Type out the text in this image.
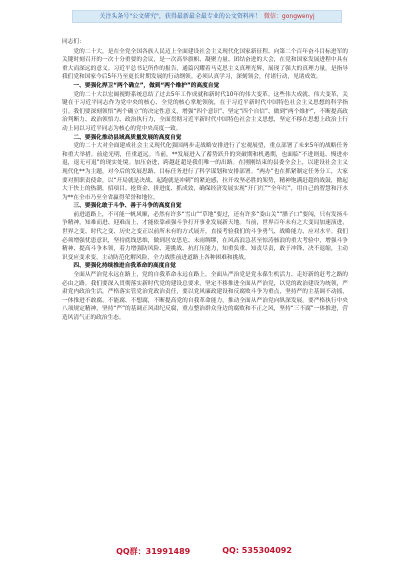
关注头条号"公文研究"，获得最新最全最专业的公文资料库！ 微信：gongwenyj

同志们：

党的二十大，是在全党全国各族人民迈上全面建设社会主义现代化国家新征程、向第二个百年奋斗目标进军的关键时刻召开的一次十分重要的会议，是一次高举旗帜、凝聚力量、团结奋进的大会，在党和国家发展进程中具有重大而深远的意义。习近平总书记所作的报告，通篇闪耀着马克思主义真理光辉，展现了强大的真理力量，是指导我们党和国家今后5年乃至更长时期发展的行动纲领。必须认真学习，深刻领会，付诸行动，见诸成效。

一、要强化捍卫“两个确立”，做到“两个维护”的高度自觉

党的二十大以宏阔视野系统总结了过去5年工作成就和新时代10年的伟大变革。这些伟大成就、伟大变革，关键在于习近平同志作为党中央的核心、全党的核心掌舵领航，在于习近平新时代中国特色社会主义思想的科学指引。我们要深刻领悟“两个确立”的决定性意义，增强“四个意识”、坚定“四个自信”、做到“两个维护”，不断提高政治判断力、政治领悟力、政治执行力，全面贯彻习近平新时代中国特色社会主义思想，坚定不移在思想上政治上行动上同以习近平同志为核心的党中央高度一致。

二、要强化推动县域高质量发展的高度自觉

党的二十大对全面建成社会主义现代化强国两步走战略安排进行了宏观展望，重点部署了未来5年的战略任务和重大举措。前途光明，任重道远。当前，**发展进入了蓄势跃升的突破期和机遇期，也面临“不进则退、慢进亦退，退无可退”的现实处境。加压奋进，跨越赶超是我们唯一的出路。在刚刚结束的县委全会上，以建设社会主义现代化**为主题，对今后的发展思路、目标任务进行了科学谋划和安排部署。“两办”也在抓紧制定任务分工，大家要对照职责使命，以“开局就是决战、起跑就是冲刺”的紧迫感，拉开攻坚必胜的架势，精神饱满赶超的战鼓，掀起大干快上的热潮，招项目、抢资金、拼进度、抓成效，确保经济发展实现“开门红”“全年红”，用自己的智慧和汗水为**在全市乃至全省赢得荣誉和地位。

三、要强化敢于斗争、善于斗争的高度自觉

前进道路上，不可能一帆风顺，必然有许多“雪山”“草地”要过，还有许多“娄山关”“腊子口”要闯，只有发扬斗争精神，知难而进、迎难而上，才能依靠顽强斗争打开事业发展新天地。当前，世界百年未有之大变局加速演进，世界之变、时代之变、历史之变正以前所未有的方式展开，直接考验我们的斗争勇气、战略能力、应对水平。我们必须增强忧患意识，坚持底线思维，做到居安思危、未雨绸缪，在风高浪急甚至惊涛骇浪的重大考验中，增强斗争精神、提高斗争本领，着力增强防风险、迎挑战、抗打压能力，知重负重、知责尽责，敢于冲锋、决不退缩，主动识变应变求变，主动防范化解风险，全力战胜前进道路上各种困难和挑战。

四、要强化持续推进自我革命的高度自觉

全面从严治党永远在路上，党的自我革命永远在路上。全面从严治党是党永葆生机活力、走好新的赶考之路的必由之路。我们要深入贯彻落实新时代党的建设总要求，坚定不移推进全面从严治党，以党的政治建设为统领，严肃党内政治生活，严格落实管党治党政治责任，要以党风廉政建设和反腐败斗争为重点，坚持严的主基调不动摇，一体推进不敢腐、不能腐、不想腐，不断提高党的自我革命能力，推动全面从严治党向纵深发展。要严格执行中央八项规定精神，坚持“严”的基调正风肃纪反腐，重点整治群众身边的腐败和不正之风，坚持“三不腐”一体推进，营造风清气正的政治生态。

QQ群：31991489	QQ: 535304092
